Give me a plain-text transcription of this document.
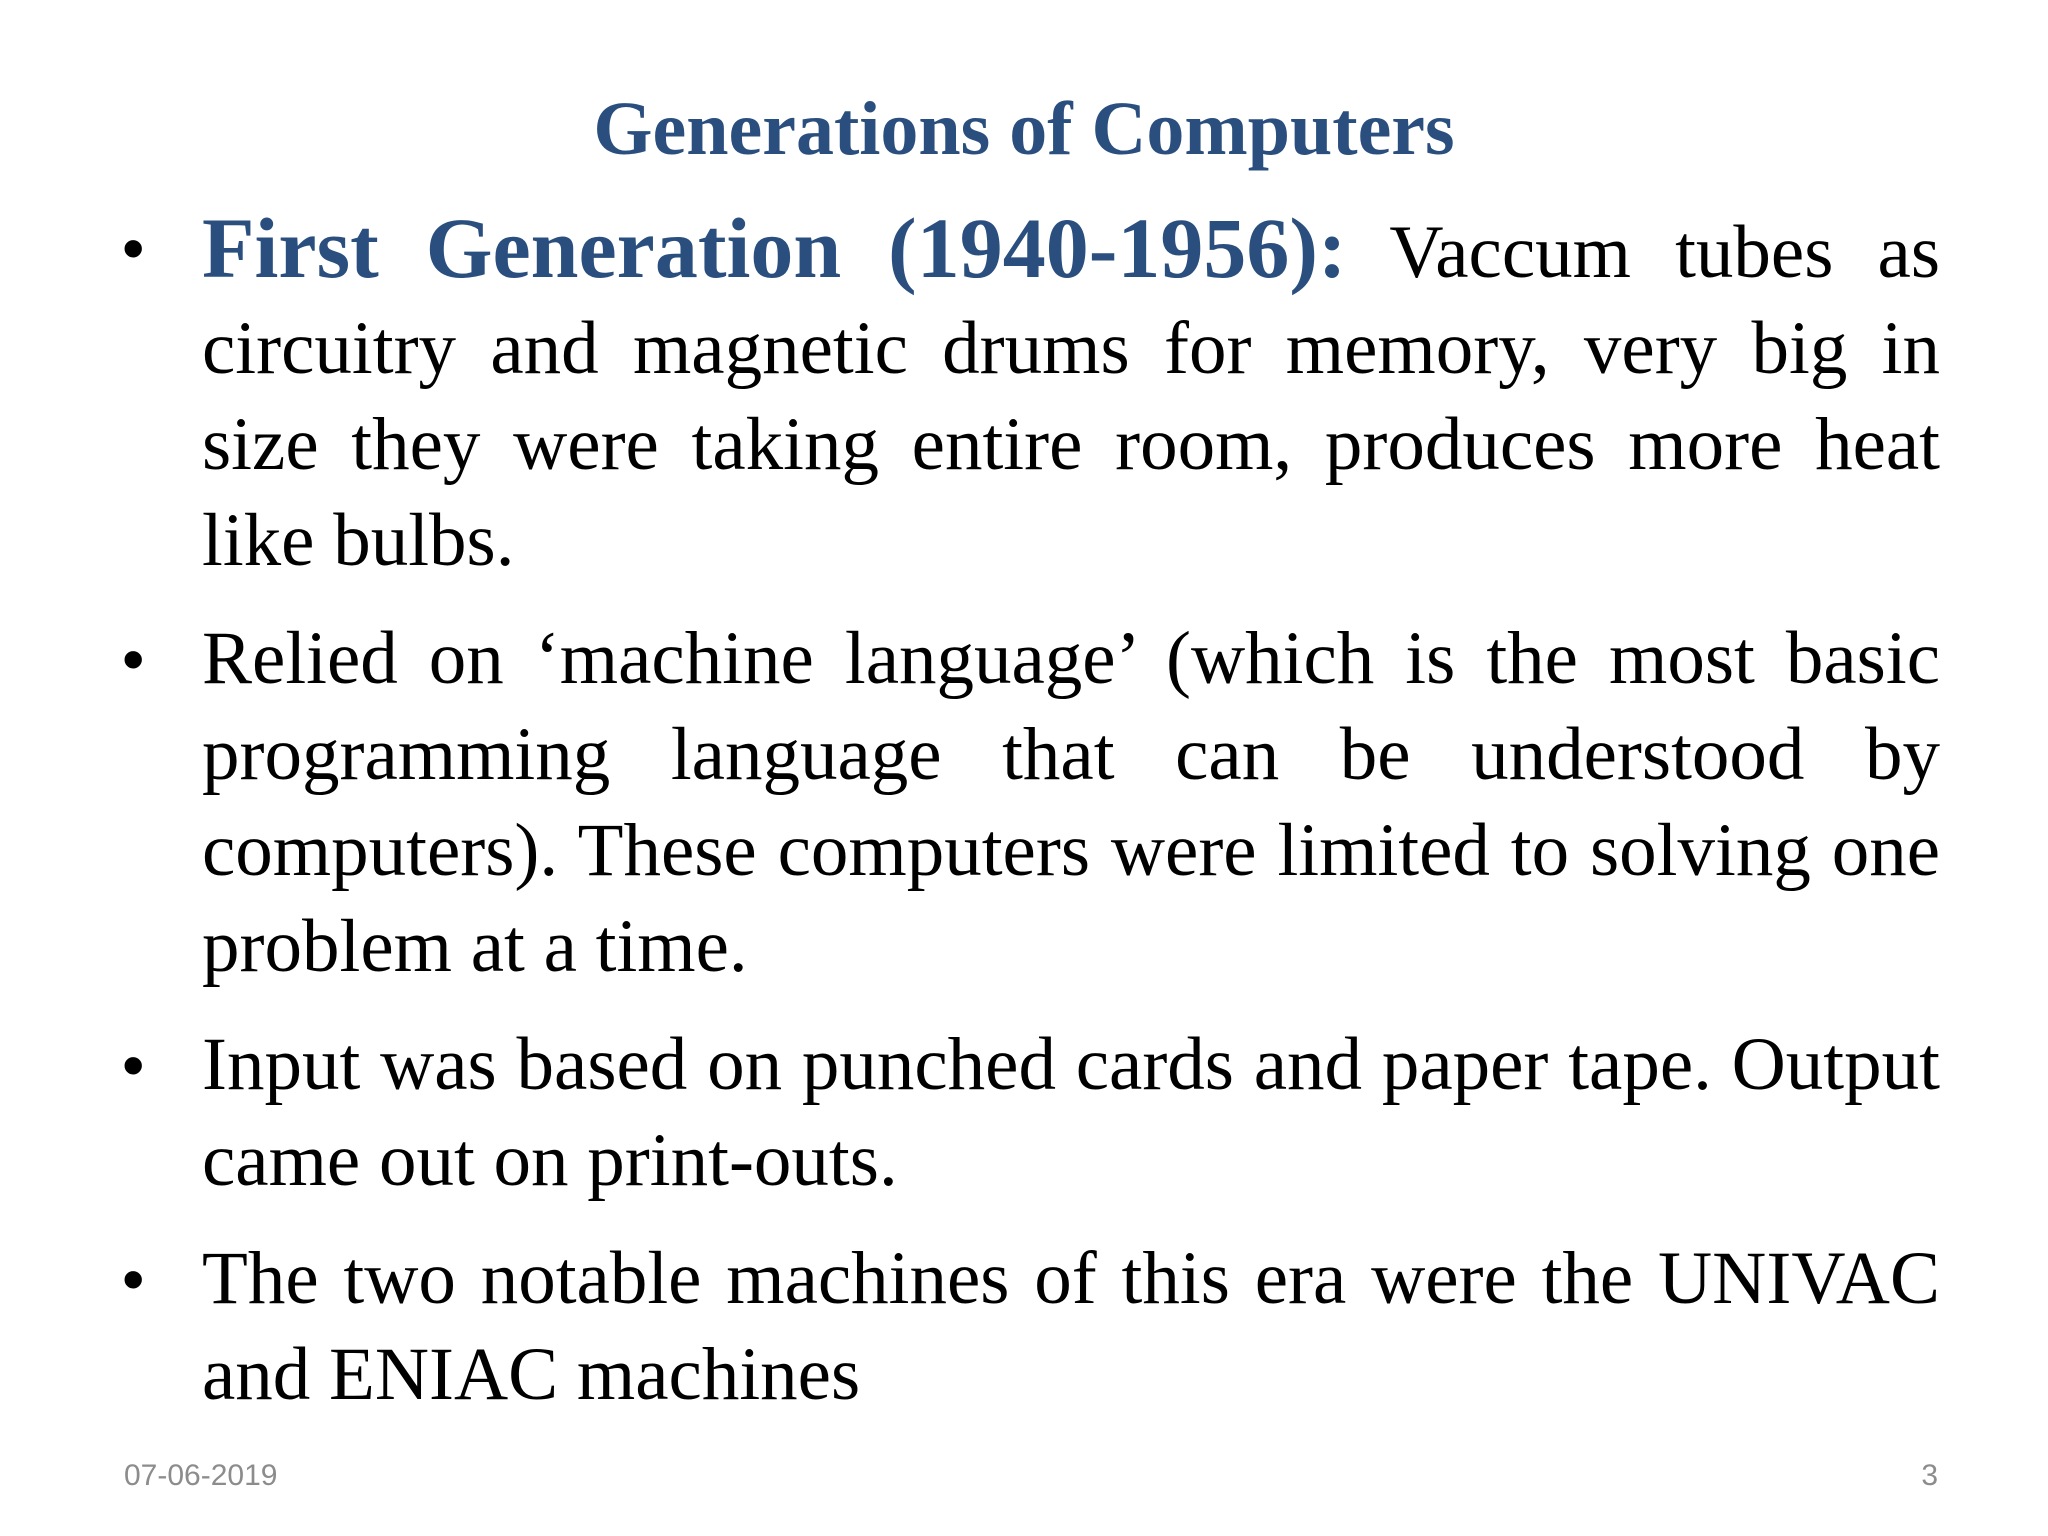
Generations of Computers
• First Generation (1940-1956): Vaccum tubes as circuitry and magnetic drums for memory, very big in size they were taking entire room, produces more heat like bulbs.
• Relied on ‘machine language’ (which is the most basic programming language that can be understood by computers). These computers were limited to solving one problem at a time.
• Input was based on punched cards and paper tape. Output came out on print-outs.
• The two notable machines of this era were the UNIVAC and ENIAC machines
07-06-2019	3
